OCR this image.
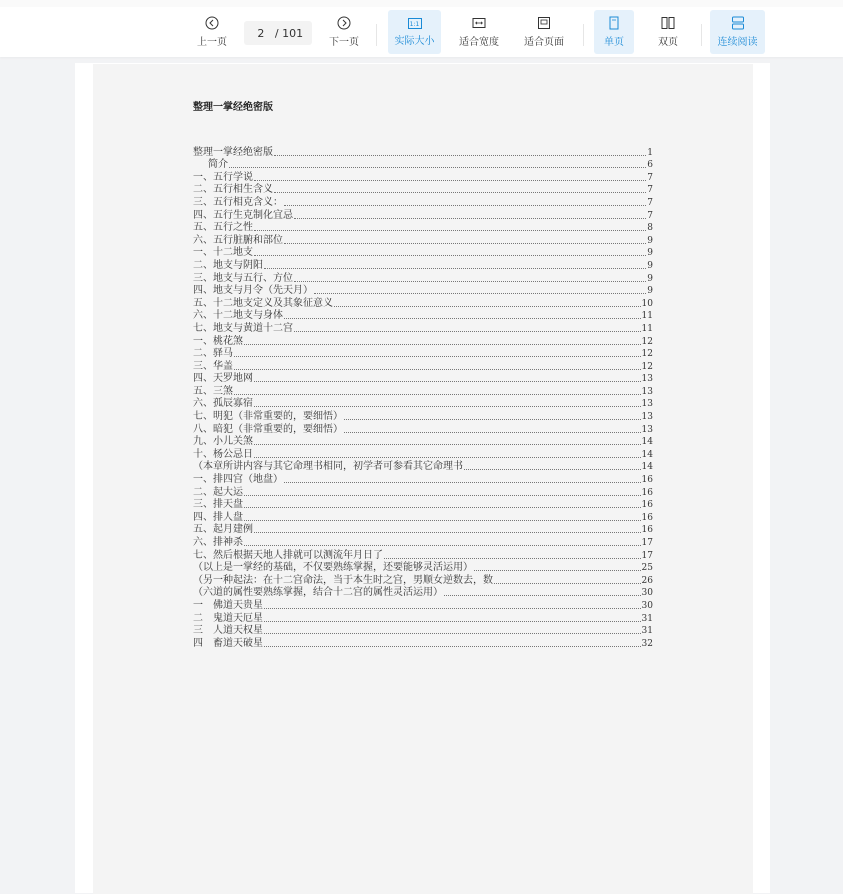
上一页
2
/ 101
下一页
1:1
实际大小 适合宽度	适合页面	单页	双页	连续阅读
整理一掌经绝密版
整理一掌经绝密版	1
简介	6
一、五行学说	7
二、五行相生含义	7
三、五行相克含义：	7
四、五行生克制化宜忌	7
五、五行之性	8
六、五行脏腑和部位	9
一、十二地支	9
二、地支与阴阳	9
三、地支与五行、方位	9
四、地支与月令（先天月）	9
五、十二地支定义及其象征意义	10
六、十二地支与身体	11
七、地支与黄道十二宫	11
一、桃花煞	12
二、驿马	12
三、华盖	12
四、天罗地网	13
五、三煞	13
六、孤辰寡宿	13
七、明犯（非常重要的，要细悟）	13
八、暗犯（非常重要的，要细悟）	13
九、小儿关煞	14
十、杨公忌日	14
（本章所讲内容与其它命理书相同，初学者可参看其它命理书	14
一、排四宫（地盘）	16
二、起大运	16
三、排天盘	16
四、排人盘	16
五、起月建例	16
六、排神杀	17
七、然后根据天地人排就可以测流年月日了	17
（以上是一掌经的基础，不仅要熟练掌握，还要能够灵活运用）	25
（另一种起法：在十二宫命法，当于本生时之宫，男顺女逆数去，数	26
（六道的属性要熟练掌握，结合十二宫的属性灵活运用）	30
一　佛道天贵星	30
二　鬼道天厄星	31
三　人道天权星	31
四　畜道天破星	32
